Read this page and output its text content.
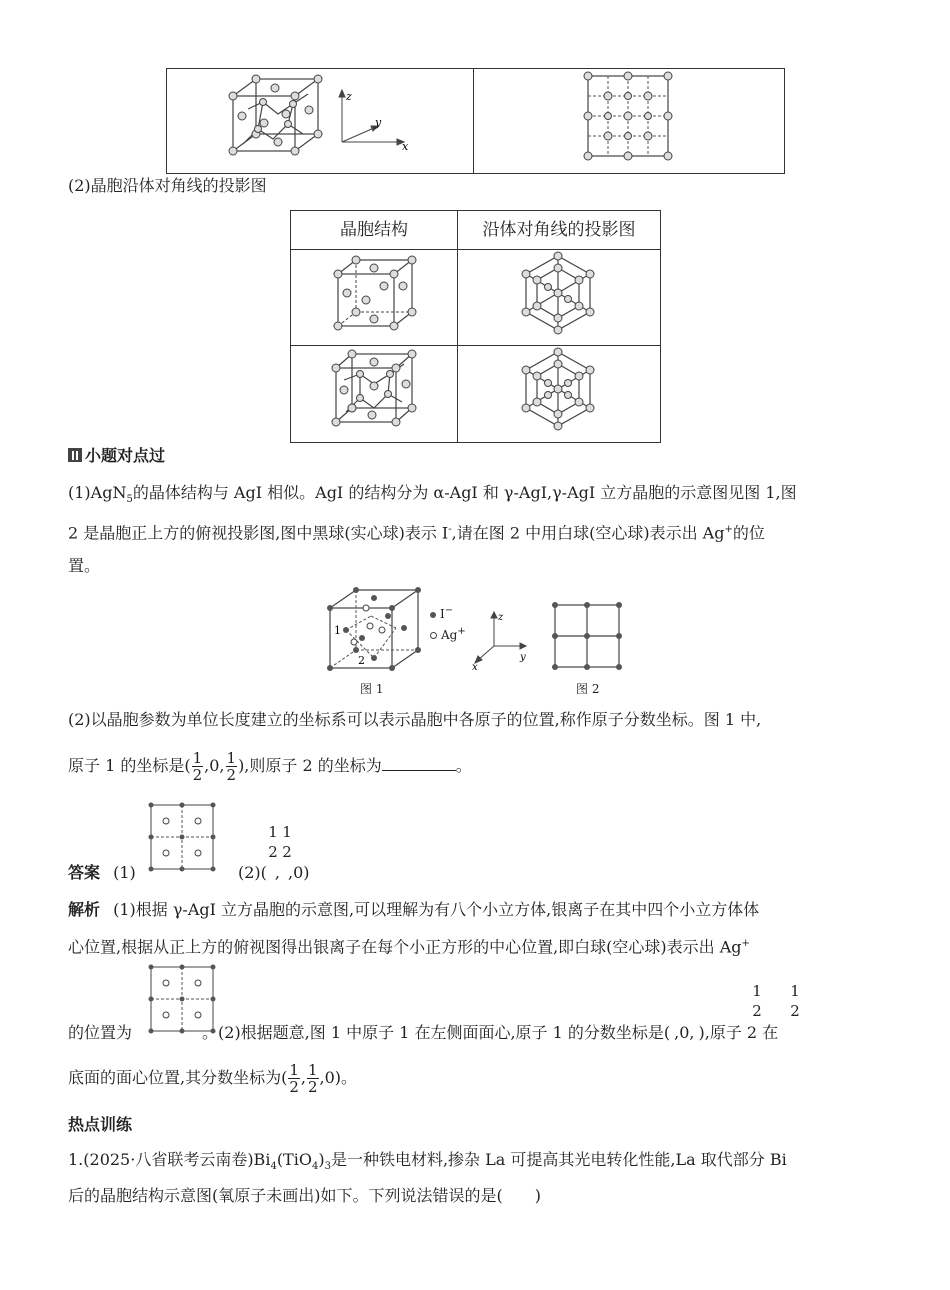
z
y
x
(2)晶胞沿体对角线的投影图
晶胞结构	沿体对角线的投影图
小题对点过
(1)AgN$_5$的晶体结构与 AgI 相似。AgI 的结构分为 α-AgI 和 γ-AgI,γ-AgI 立方晶胞的示意图见图 1,图
2 是晶胞正上方的俯视投影图,图中黑球(实心球)表示 I-,请在图 2 中用白球(空心球)表示出 Ag+的位
置。
1
2
I−
Ag+
z
y
x
图 1	图 2
(2)以晶胞参数为单位长度建立的坐标系可以表示晶胞中各原子的位置,称作原子分数坐标。图 1 中,
原子 1 的坐标是( $\frac{1}{2} ,0$, $\frac{1}{2}$ ),则原子 2 的坐标为	。
答案 (1)
1 1
2 2
(2)( , ,0)
解析 (1)根据 γ-AgI 立方晶胞的示意图,可以理解为有八个小立方体,银离子在其中四个小立方体体
心位置,根据从正上方的俯视图得出银离子在每个小正方形的中心位置,即白球(空心球)表示出 Ag+
1 1
2 2
的位置为	。(2)根据题意,图 1 中原子 1 在左侧面面心,原子 1 的分数坐标是( ,0, ),原子 2 在
底面的面心位置,其分数坐标为( $\frac{1}{2}$ , $\frac{1}{2} ,0$)。
热点训练
1.(2025·八省联考云南卷)$Bi_4(TiO_4)_3$是一种铁电材料,掺杂 La 可提高其光电转化性能,La 取代部分 Bi
后的晶胞结构示意图(氧原子未画出)如下。下列说法错误的是(　　)
